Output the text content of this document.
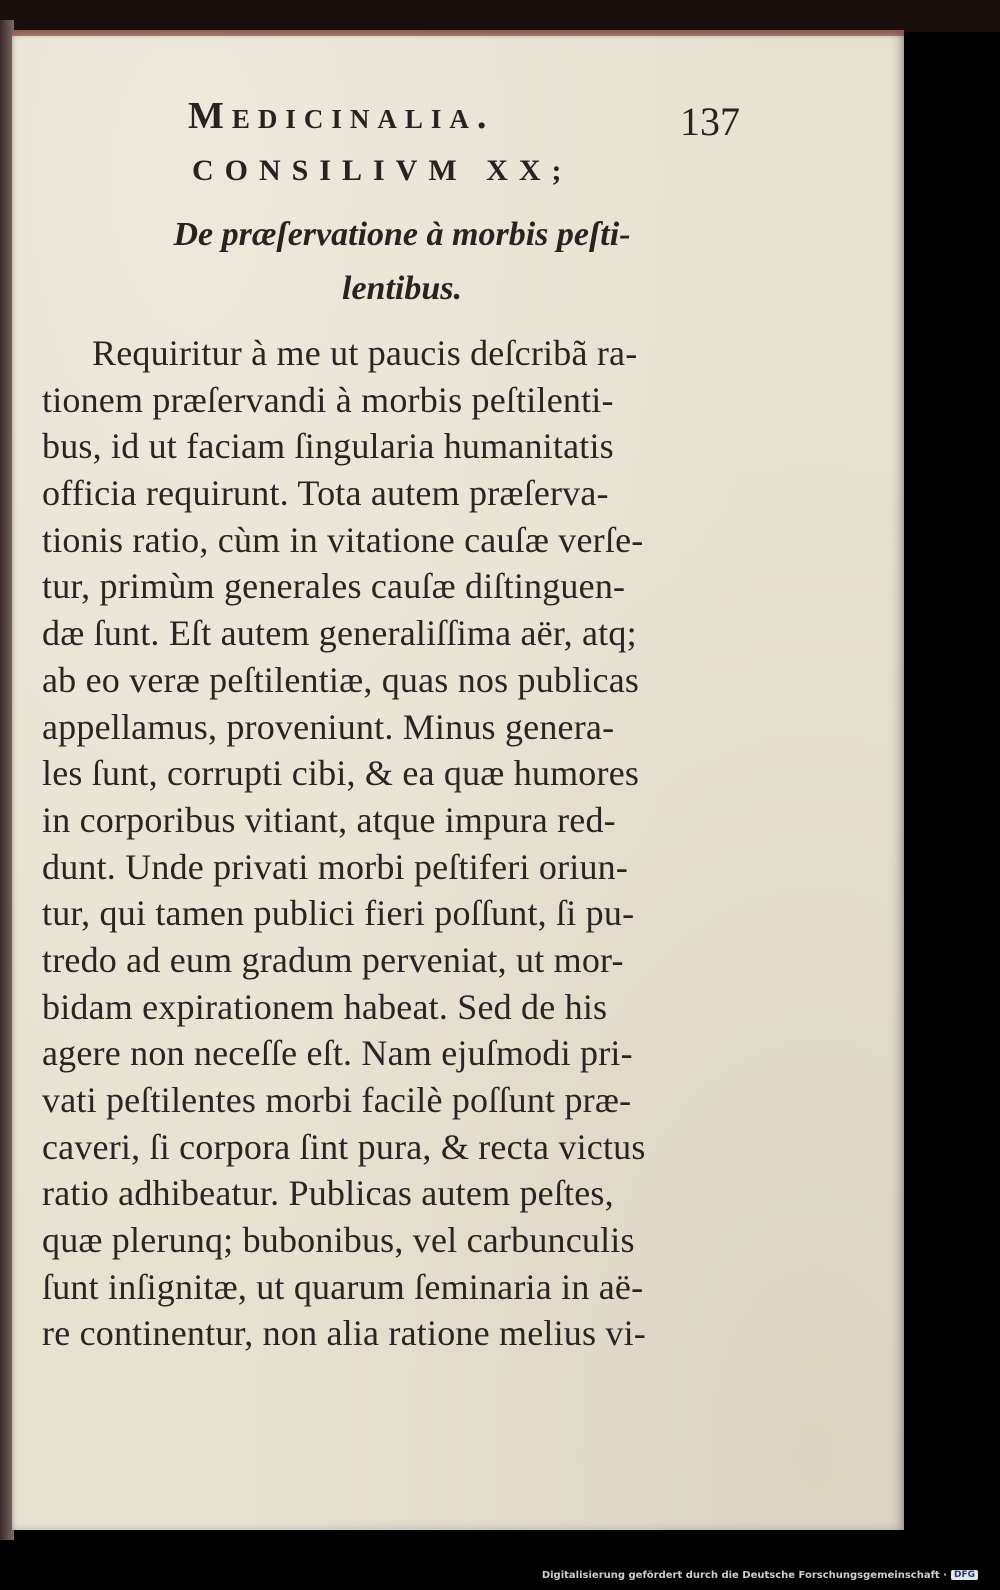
Medicinalia.	137
CONSILIVM XX;
De præſervatione à morbis peſti-
lentibus.
Requiritur à me ut paucis deſcribã ra-
tionem præſervandi à morbis peſtilenti-
bus, id ut faciam ſingularia humanitatis
officia requirunt. Tota autem præſerva-
tionis ratio, cùm in vitatione cauſæ verſe-
tur, primùm generales cauſæ diſtinguen-
dæ ſunt. Eſt autem generaliſſima aër, atq;
ab eo veræ peſtilentiæ, quas nos publicas
appellamus, proveniunt. Minus genera-
les ſunt, corrupti cibi, & ea quæ humores
in corporibus vitiant, atque impura red-
dunt. Unde privati morbi peſtiferi oriun-
tur, qui tamen publici fieri poſſunt, ſi pu-
tredo ad eum gradum perveniat, ut mor-
bidam expirationem habeat. Sed de his
agere non neceſſe eſt. Nam ejuſmodi pri-
vati peſtilentes morbi facilè poſſunt præ-
caveri, ſi corpora ſint pura, & recta victus
ratio adhibeatur. Publicas autem peſtes,
quæ plerunq; bubonibus, vel carbunculis
ſunt inſignitæ, ut quarum ſeminaria in aë-
re continentur, non alia ratione melius vi-
Digitalisierung gefördert durch die Deutsche Forschungsgemeinschaft · DFG
